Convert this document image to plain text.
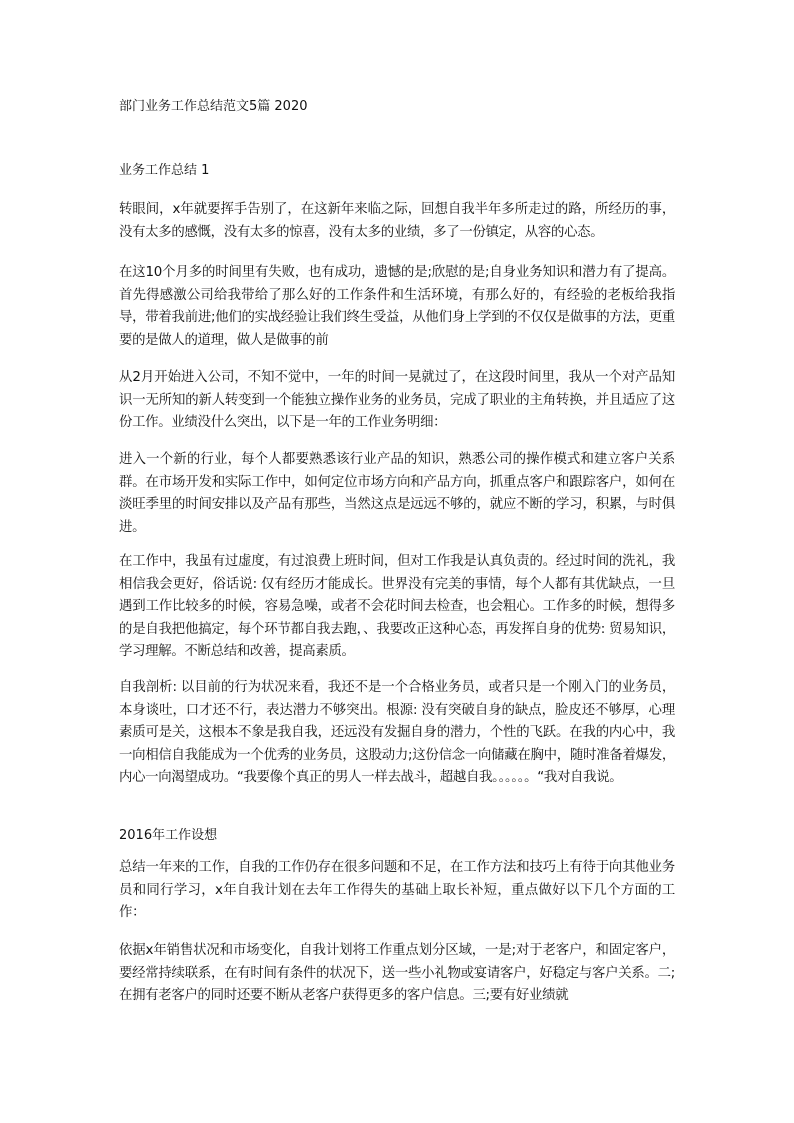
部门业务工作总结范文5篇 2020
业务工作总结 1

转眼间，x年就要挥手告别了，在这新年来临之际，回想自我半年多所走过的路，所经历的事，没有太多的感慨，没有太多的惊喜，没有太多的业绩，多了一份镇定，从容的心态。

在这10个月多的时间里有失败，也有成功，遗憾的是;欣慰的是;自身业务知识和潜力有了提高。首先得感激公司给我带给了那么好的工作条件和生活环境，有那么好的，有经验的老板给我指导，带着我前进;他们的实战经验让我们终生受益，从他们身上学到的不仅仅是做事的方法，更重要的是做人的道理，做人是做事的前

从2月开始进入公司，不知不觉中，一年的时间一晃就过了，在这段时间里，我从一个对产品知识一无所知的新人转变到一个能独立操作业务的业务员，完成了职业的主角转换，并且适应了这份工作。业绩没什么突出，以下是一年的工作业务明细：

进入一个新的行业，每个人都要熟悉该行业产品的知识，熟悉公司的操作模式和建立客户关系群。在市场开发和实际工作中，如何定位市场方向和产品方向，抓重点客户和跟踪客户，如何在淡旺季里的时间安排以及产品有那些，当然这点是远远不够的，就应不断的学习，积累，与时俱进。

在工作中，我虽有过虚度，有过浪费上班时间，但对工作我是认真负责的。经过时间的洗礼，我相信我会更好，俗话说: 仅有经历才能成长。世界没有完美的事情，每个人都有其优缺点，一旦遇到工作比较多的时候，容易急噪，或者不会花时间去检查，也会粗心。工作多的时候，想得多的是自我把他搞定，每个环节都自我去跑，、我要改正这种心态，再发挥自身的优势: 贸易知识，学习理解。不断总结和改善，提高素质。

自我剖析: 以目前的行为状况来看，我还不是一个合格业务员，或者只是一个刚入门的业务员，本身谈吐，口才还不行，表达潜力不够突出。根源: 没有突破自身的缺点，脸皮还不够厚，心理素质可是关，这根本不象是我自我，还远没有发掘自身的潜力，个性的飞跃。在我的内心中，我一向相信自我能成为一个优秀的业务员，这股动力;这份信念一向储藏在胸中，随时准备着爆发，内心一向渴望成功。“我要像个真正的男人一样去战斗，超越自我。。。。。。“我对自我说。

2016年工作设想

总结一年来的工作，自我的工作仍存在很多问题和不足，在工作方法和技巧上有待于向其他业务员和同行学习，x年自我计划在去年工作得失的基础上取长补短，重点做好以下几个方面的工作：

依据x年销售状况和市场变化，自我计划将工作重点划分区域，一是;对于老客户，和固定客户，要经常持续联系，在有时间有条件的状况下，送一些小礼物或宴请客户，好稳定与客户关系。二;在拥有老客户的同时还要不断从老客户获得更多的客户信息。三;要有好业绩就
